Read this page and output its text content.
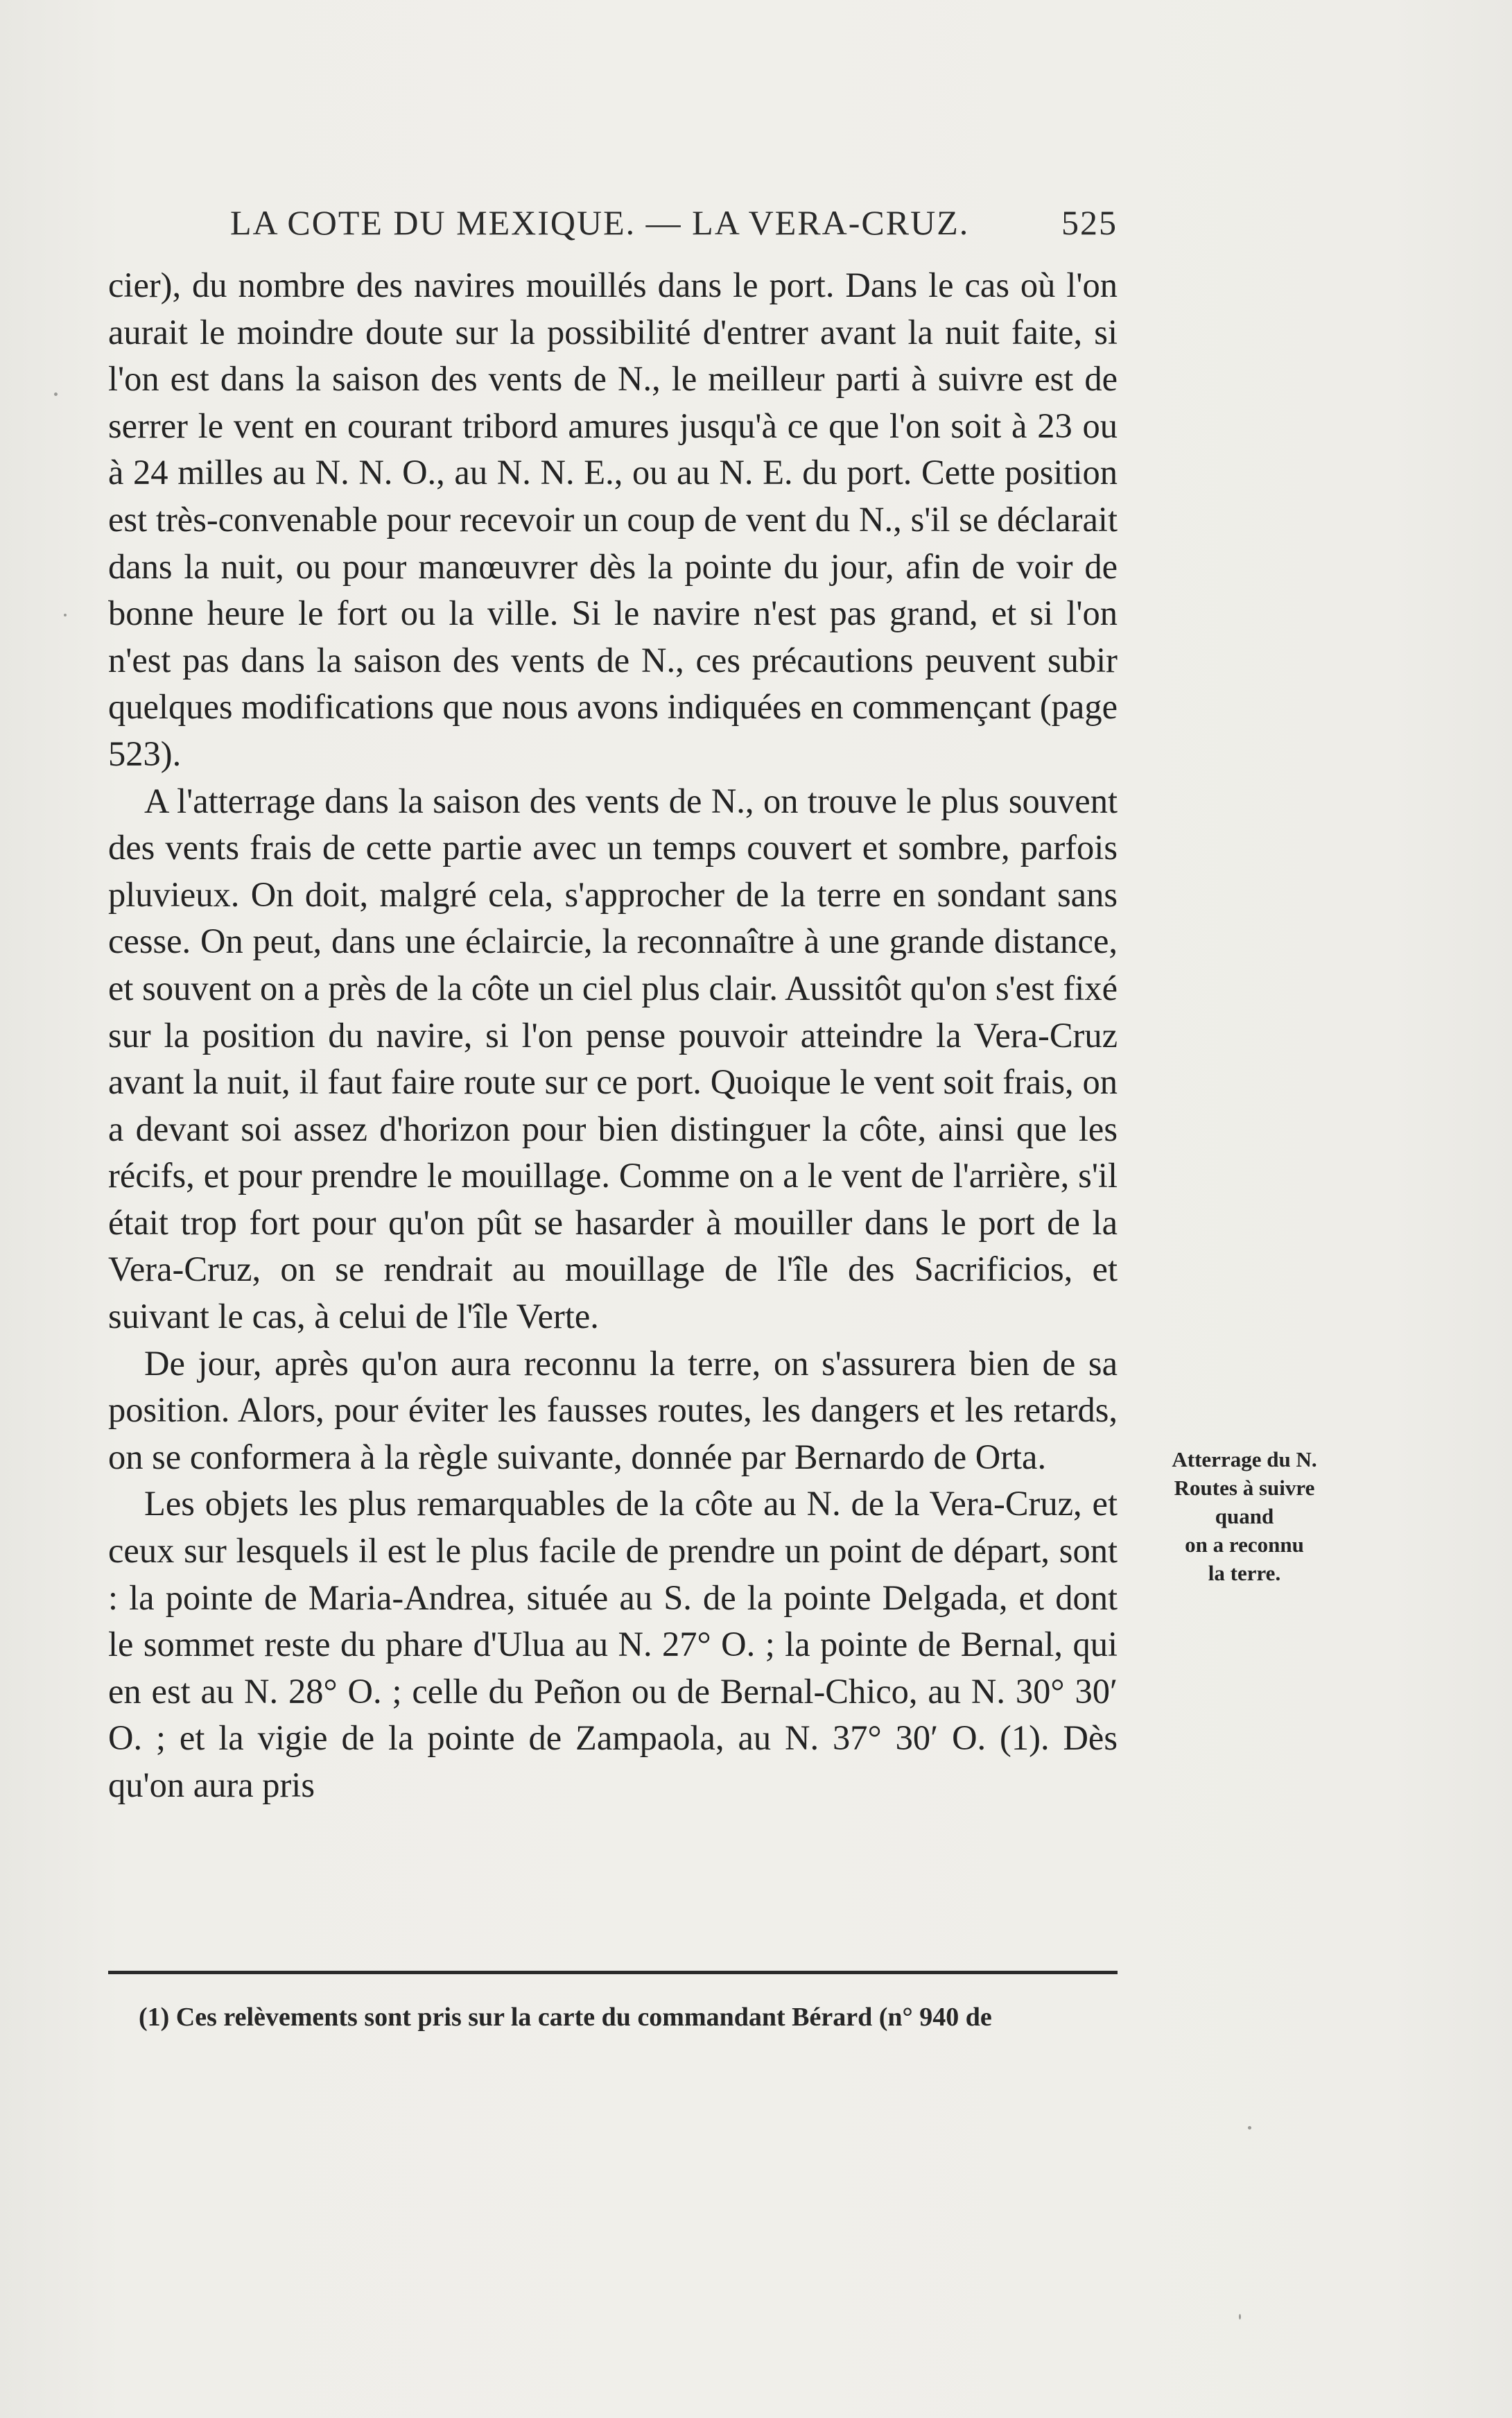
LA COTE DU MEXIQUE. — LA VERA-CRUZ.	525

cier), du nombre des navires mouillés dans le port. Dans le cas où l'on aurait le moindre doute sur la possibilité d'entrer avant la nuit faite, si l'on est dans la saison des vents de N., le meilleur parti à suivre est de serrer le vent en courant tribord amures jusqu'à ce que l'on soit à 23 ou à 24 milles au N. N. O., au N. N. E., ou au N. E. du port. Cette position est très-convenable pour recevoir un coup de vent du N., s'il se déclarait dans la nuit, ou pour manœuvrer dès la pointe du jour, afin de voir de bonne heure le fort ou la ville. Si le navire n'est pas grand, et si l'on n'est pas dans la saison des vents de N., ces précautions peuvent subir quelques modifications que nous avons indiquées en commençant (page 523).

A l'atterrage dans la saison des vents de N., on trouve le plus souvent des vents frais de cette partie avec un temps couvert et sombre, parfois pluvieux. On doit, malgré cela, s'approcher de la terre en sondant sans cesse. On peut, dans une éclaircie, la reconnaître à une grande distance, et souvent on a près de la côte un ciel plus clair. Aussitôt qu'on s'est fixé sur la position du navire, si l'on pense pouvoir atteindre la Vera-Cruz avant la nuit, il faut faire route sur ce port. Quoique le vent soit frais, on a devant soi assez d'horizon pour bien distinguer la côte, ainsi que les récifs, et pour prendre le mouillage. Comme on a le vent de l'arrière, s'il était trop fort pour qu'on pût se hasarder à mouiller dans le port de la Vera-Cruz, on se rendrait au mouillage de l'île des Sacrificios, et suivant le cas, à celui de l'île Verte.

De jour, après qu'on aura reconnu la terre, on s'assurera bien de sa position. Alors, pour éviter les fausses routes, les dangers et les retards, on se conformera à la règle suivante, donnée par Bernardo de Orta.

Les objets les plus remarquables de la côte au N. de la Vera-Cruz, et ceux sur lesquels il est le plus facile de prendre un point de départ, sont : la pointe de Maria-Andrea, située au S. de la pointe Delgada, et dont le sommet reste du phare d'Ulua au N. 27° O. ; la pointe de Bernal, qui en est au N. 28° O. ; celle du Peñon ou de Bernal-Chico, au N. 30° 30′ O. ; et la vigie de la pointe de Zampaola, au N. 37° 30′ O. (1). Dès qu'on aura pris

Atterrage du N.
Routes à suivre
quand
on a reconnu
la terre.
(1) Ces relèvements sont pris sur la carte du commandant Bérard (n° 940 de
